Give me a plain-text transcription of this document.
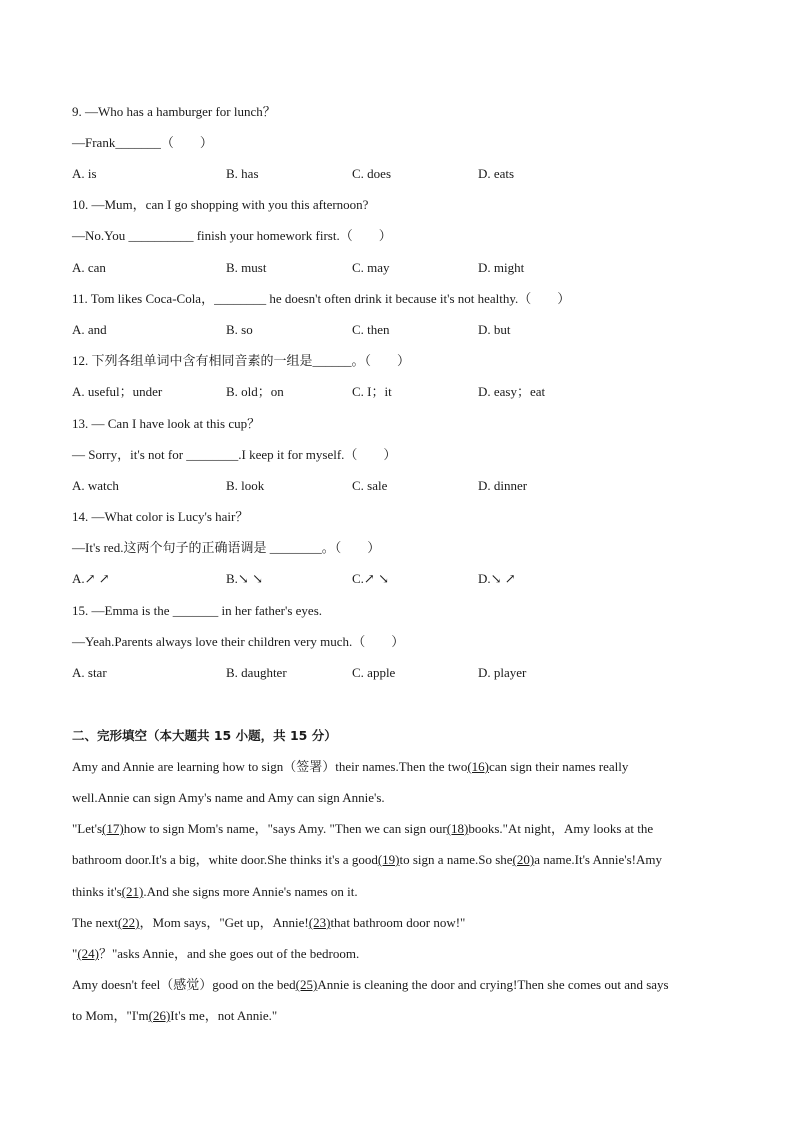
9. —Who has a hamburger for lunch？
—Frank_______（　　）
A. is	B. has	C. does	D. eats
10. —Mum，can I go shopping with you this afternoon?
—No.You __________ finish your homework first.（　　）
A. can	B. must	C. may	D. might
11. Tom likes Coca-Cola，________ he doesn't often drink it because it's not healthy.（　　）
A. and	B. so	C. then	D. but
12. 下列各组单词中含有相同音素的一组是______。（　　）
A. useful；under	B. old；on	C. I；it	D. easy；eat
13. — Can I have look at this cup？
— Sorry，it's not for ________.I keep it for myself.（　　）
A. watch	B. look	C. sale	D. dinner
14. —What color is Lucy's hair？
—It's red.这两个句子的正确语调是 ________。（　　）
A.↗ ↗	B.↘ ↘	C.↗ ↘	D.↘ ↗
15. —Emma is the _______ in her father's eyes.
—Yeah.Parents always love their children very much.（　　）
A. star	B. daughter	C. apple	D. player
二、完形填空（本大题共 15 小题，共 15 分）
Amy and Annie are learning how to sign（签署）their names.Then the two(16)can sign their names really
well.Annie can sign Amy's name and Amy can sign Annie's.
"Let's(17)how to sign Mom's name，"says Amy. "Then we can sign our(18)books."At night，Amy looks at the
bathroom door.It's a big，white door.She thinks it's a good(19)to sign a name.So she(20)a name.It's Annie's!Amy
thinks it's(21).And she signs more Annie's names on it.
The next(22)，Mom says，"Get up，Annie!(23)that bathroom door now!"
"(24)？"asks Annie，and she goes out of the bedroom.
Amy doesn't feel（感觉）good on the bed(25)Annie is cleaning the door and crying!Then she comes out and says
to Mom，"I'm(26)It's me，not Annie."
